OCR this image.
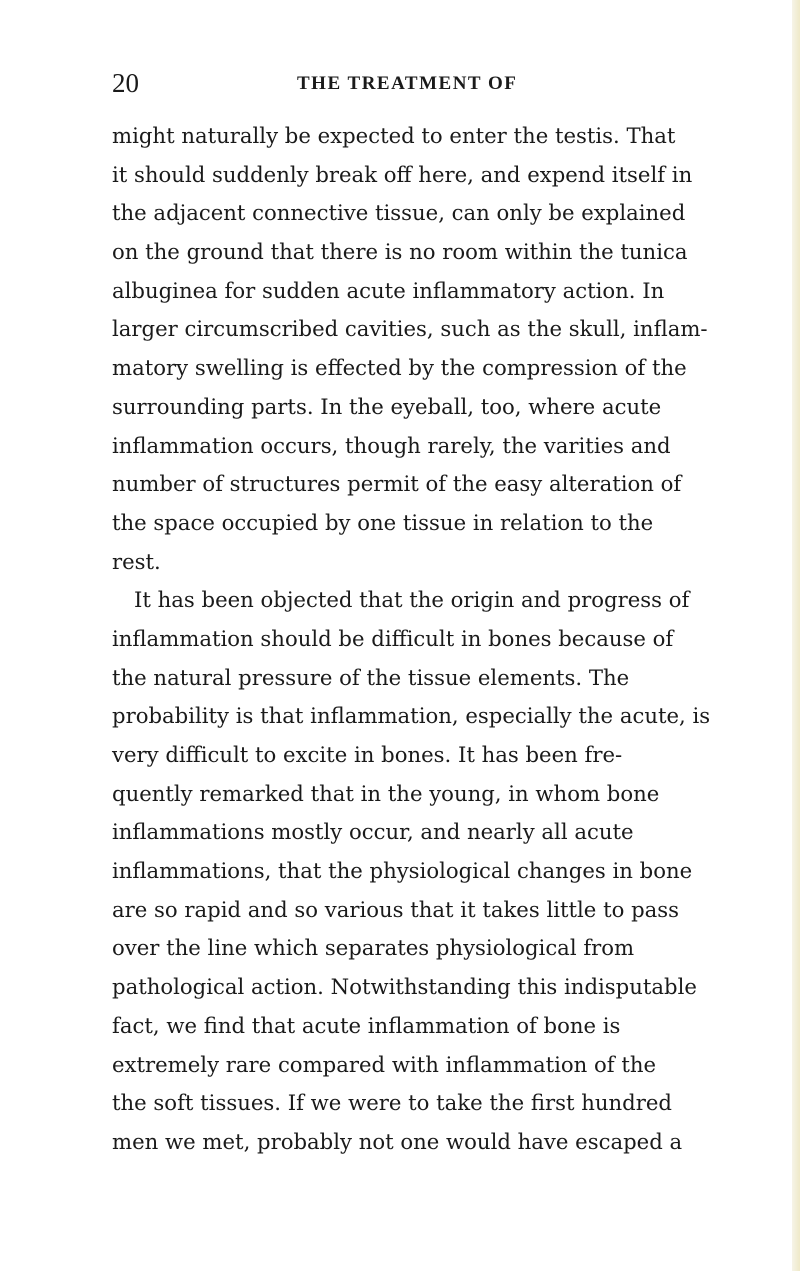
20	THE TREATMENT OF
might naturally be expected to enter the testis. That
it should suddenly break off here, and expend itself in
the adjacent connective tissue, can only be explained
on the ground that there is no room within the tunica
albuginea for sudden acute inflammatory action. In
larger circumscribed cavities, such as the skull, inflam-
matory swelling is effected by the compression of the
surrounding parts. In the eyeball, too, where acute
inflammation occurs, though rarely, the varities and
number of structures permit of the easy alteration of
the space occupied by one tissue in relation to the
rest.
It has been objected that the origin and progress of
inflammation should be difficult in bones because of
the natural pressure of the tissue elements. The
probability is that inflammation, especially the acute, is
very difficult to excite in bones. It has been fre-
quently remarked that in the young, in whom bone
inflammations mostly occur, and nearly all acute
inflammations, that the physiological changes in bone
are so rapid and so various that it takes little to pass
over the line which separates physiological from
pathological action. Notwithstanding this indisputable
fact, we find that acute inflammation of bone is
extremely rare compared with inflammation of the
the soft tissues. If we were to take the first hundred
men we met, probably not one would have escaped a
